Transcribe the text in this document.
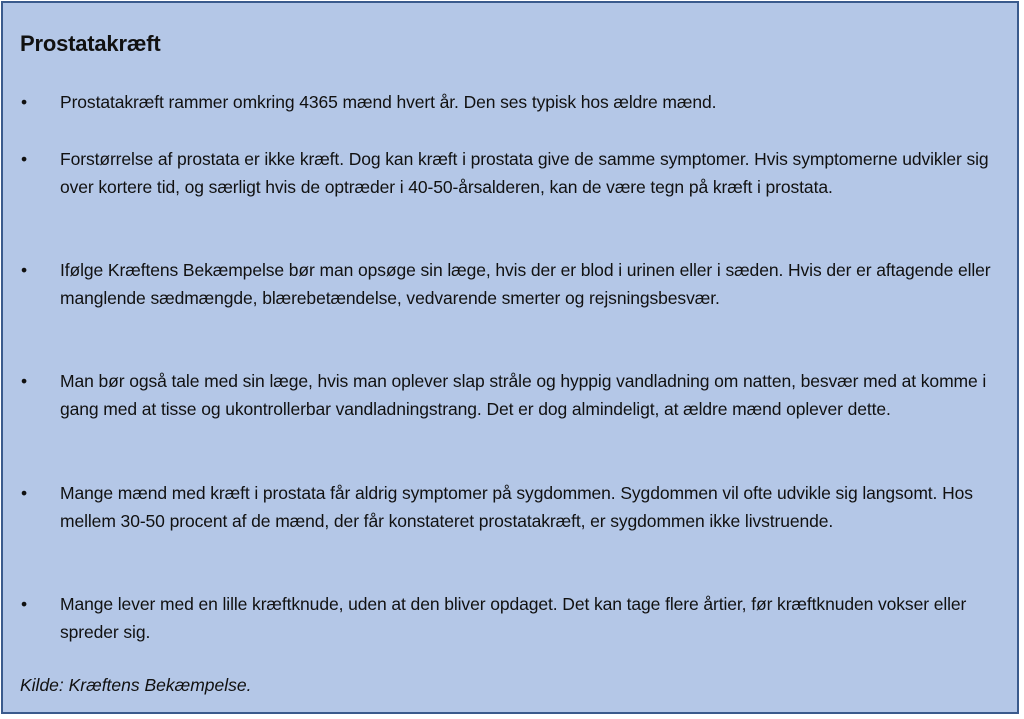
Prostatakræft
• Prostatakræft rammer omkring 4365 mænd hvert år. Den ses typisk hos ældre mænd.
• Forstørrelse af prostata er ikke kræft. Dog kan kræft i prostata give de samme symptomer. Hvis symptomerne udvikler sig over kortere tid, og særligt hvis de optræder i 40-50-årsalderen, kan de være tegn på kræft i prostata.
• Ifølge Kræftens Bekæmpelse bør man opsøge sin læge, hvis der er blod i urinen eller i sæden. Hvis der er aftagende eller manglende sædmængde, blærebetændelse, vedvarende smerter og rejsningsbesvær.
• Man bør også tale med sin læge, hvis man oplever slap stråle og hyppig vandladning om natten, besvær med at komme i gang med at tisse og ukontrollerbar vandladningstrang. Det er dog almindeligt, at ældre mænd oplever dette.
• Mange mænd med kræft i prostata får aldrig symptomer på sygdommen. Sygdommen vil ofte udvikle sig langsomt. Hos mellem 30-50 procent af de mænd, der får konstateret prostatakræft, er sygdommen ikke livstruende.
• Mange lever med en lille kræftknude, uden at den bliver opdaget. Det kan tage flere årtier, før kræftknuden vokser eller spreder sig.
Kilde: Kræftens Bekæmpelse.
